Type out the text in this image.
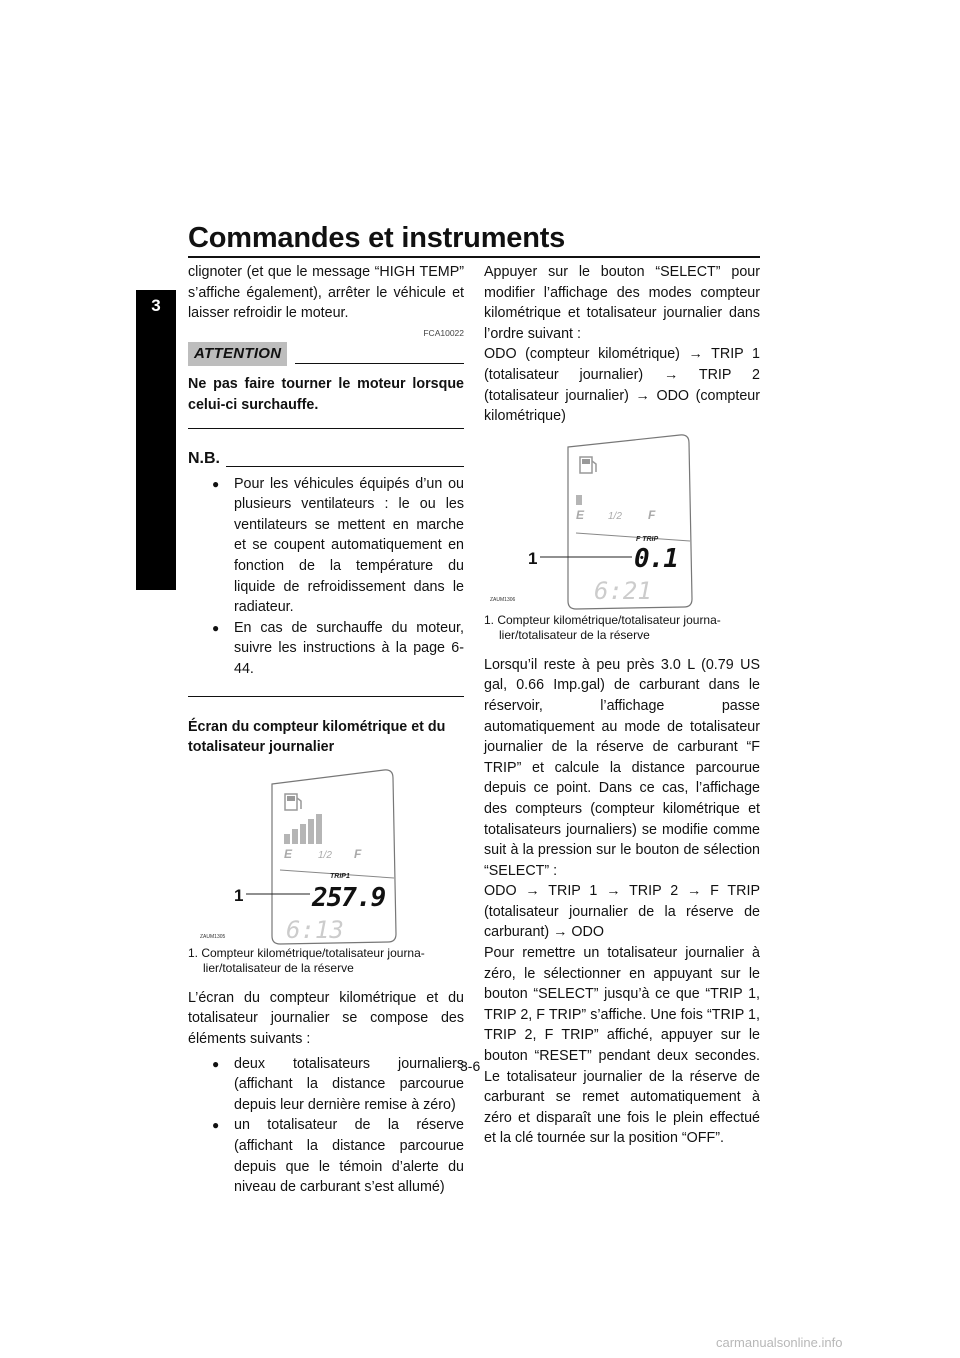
Commandes et instruments
3

clignoter (et que le message “HIGH TEMP” s’affiche également), arrêter le véhicule et laisser refroidir le moteur.

FCA10022
ATTENTION

Ne pas faire tourner le moteur lorsque celui-ci surchauffe.

N.B.
● Pour les véhicules équipés d’un ou plusieurs ventilateurs : le ou les ventilateurs se mettent en marche et se coupent automatiquement en fonction de la température du liquide de refroidissement dans le radiateur.
● En cas de surchauffe du moteur, suivre les instructions à la page 6-44.

Écran du compteur kilométrique et du totalisateur journalier

E	1/2 F
TRIP1
257.9
6:13
1
ZAUM1305
1. Compteur kilométrique/totalisateur journa-
lier/totalisateur de la réserve

L’écran du compteur kilométrique et du totalisateur journalier se compose des éléments suivants :

● deux totalisateurs journaliers (affichant la distance parcourue depuis leur dernière remise à zéro)
● un totalisateur de la réserve (affichant la distance parcourue depuis que le témoin d’alerte du niveau de carburant s’est allumé)

Appuyer sur le bouton “SELECT” pour modifier l’affichage des modes compteur kilométrique et totalisateur journalier dans l’ordre suivant :

ODO (compteur kilométrique) → TRIP 1 (totalisateur journalier) → TRIP 2 (totalisateur journalier) → ODO (compteur kilométrique)

E 1/2 F
F TRIP
0.1
6:21
1
ZAUM1306
1. Compteur kilométrique/totalisateur journa-
lier/totalisateur de la réserve

Lorsqu’il reste à peu près 3.0 L (0.79 US gal, 0.66 Imp.gal) de carburant dans le réservoir, l’affichage passe automatiquement au mode de totalisateur journalier de la réserve de carburant “F TRIP” et calcule la distance parcourue depuis ce point. Dans ce cas, l’affichage des compteurs (compteur kilométrique et totalisateurs journaliers) se modifie comme suit à la pression sur le bouton de sélection “SELECT” :

ODO → TRIP 1 → TRIP 2 → F TRIP (totalisateur journalier de la réserve de carburant) → ODO

Pour remettre un totalisateur journalier à zéro, le sélectionner en appuyant sur le bouton “SELECT” jusqu’à ce que “TRIP 1, TRIP 2, F TRIP” s’affiche. Une fois “TRIP 1, TRIP 2, F TRIP” affiché, appuyer sur le bouton “RESET” pendant deux secondes. Le totalisateur journalier de la réserve de carburant se remet automatiquement à zéro et disparaît une fois le plein effectué et la clé tournée sur la position “OFF”.

3-6
carmanualsonline.info
